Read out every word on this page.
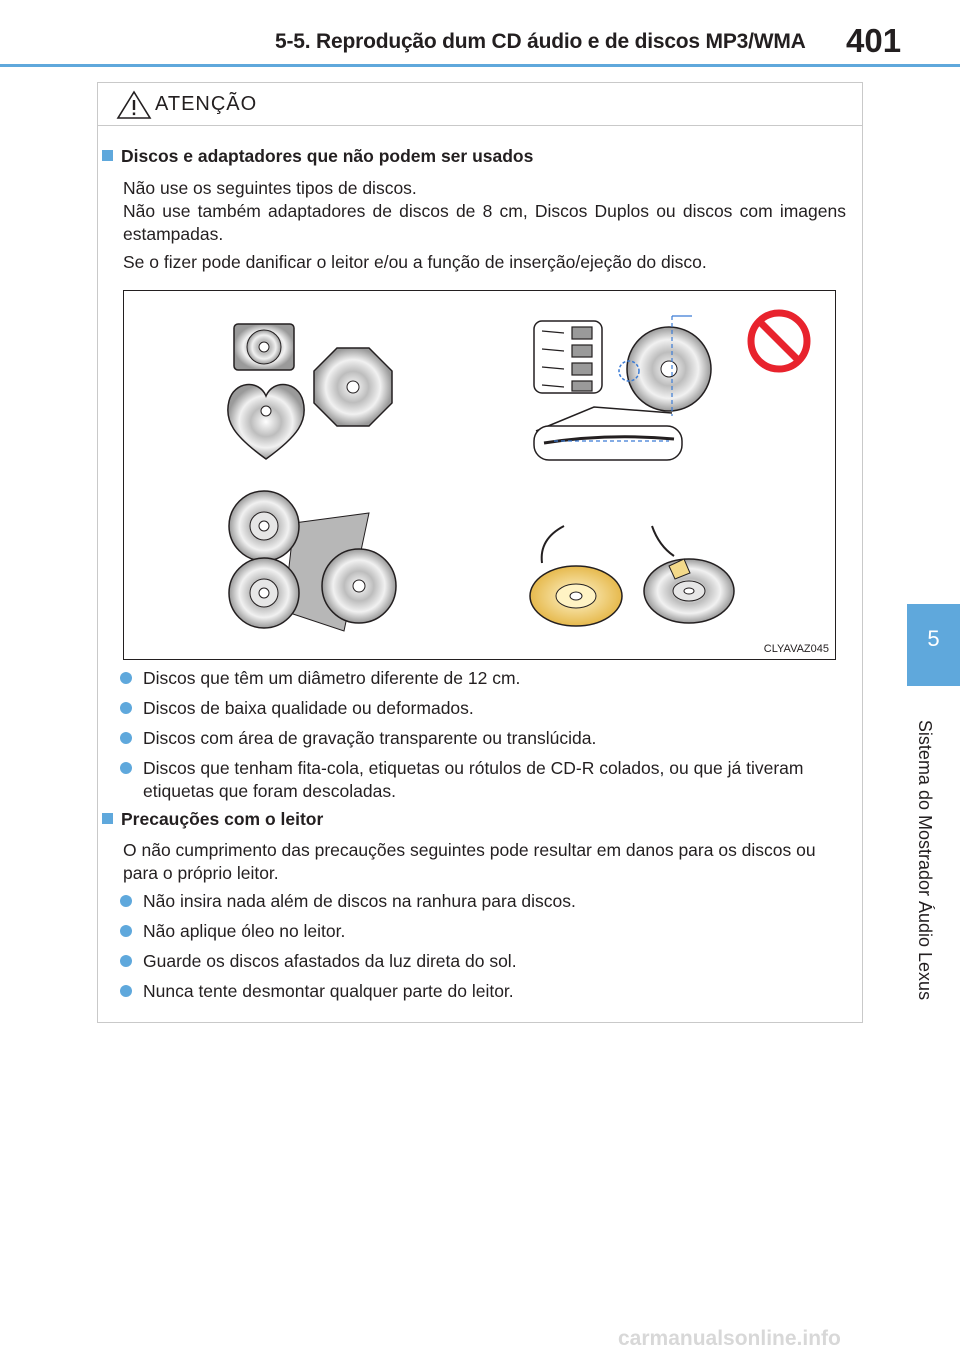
5-5. Reprodução dum CD áudio e de discos MP3/WMA 401
5
Sistema do Mostrador Áudio Lexus
ATENÇÃO
Discos e adaptadores que não podem ser usados
Não use os seguintes tipos de discos.
Não use também adaptadores de discos de 8 cm, Discos Duplos ou discos com imagens estampadas.
Se o fizer pode danificar o leitor e/ou a função de inserção/ejeção do disco.
CLYAVAZ045
Discos que têm um diâmetro diferente de 12 cm.
Discos de baixa qualidade ou deformados.
Discos com área de gravação transparente ou translúcida.
Discos que tenham fita-cola, etiquetas ou rótulos de CD-R colados, ou que já tiveram etiquetas que foram descoladas.
Precauções com o leitor
O não cumprimento das precauções seguintes pode resultar em danos para os discos ou para o próprio leitor.
Não insira nada além de discos na ranhura para discos.
Não aplique óleo no leitor.
Guarde os discos afastados da luz direta do sol.
Nunca tente desmontar qualquer parte do leitor.
carmanualsonline.info
